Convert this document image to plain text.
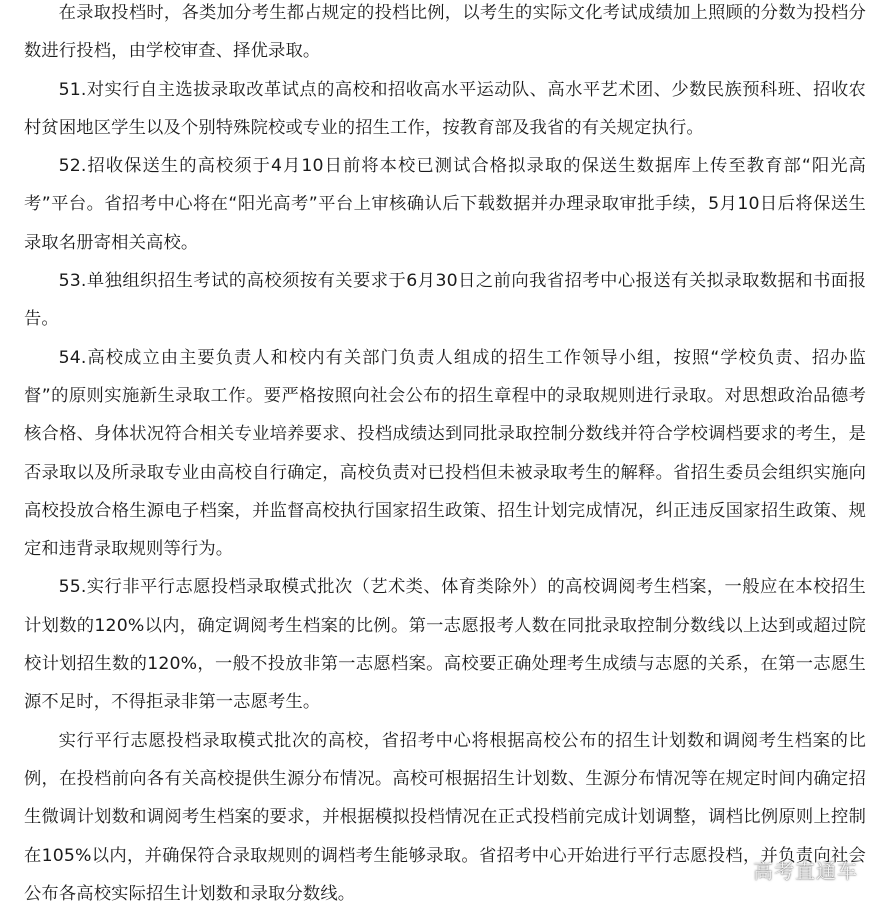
在录取投档时，各类加分考生都占规定的投档比例，以考生的实际文化考试成绩加上照顾的分数为投档分数进行投档，由学校审查、择优录取。

51.对实行自主选拔录取改革试点的高校和招收高水平运动队、高水平艺术团、少数民族预科班、招收农村贫困地区学生以及个别特殊院校或专业的招生工作，按教育部及我省的有关规定执行。

52.招收保送生的高校须于4月10日前将本校已测试合格拟录取的保送生数据库上传至教育部“阳光高考”平台。省招考中心将在“阳光高考”平台上审核确认后下载数据并办理录取审批手续，5月10日后将保送生录取名册寄相关高校。

53.单独组织招生考试的高校须按有关要求于6月30日之前向我省招考中心报送有关拟录取数据和书面报告。

54.高校成立由主要负责人和校内有关部门负责人组成的招生工作领导小组，按照“学校负责、招办监督”的原则实施新生录取工作。要严格按照向社会公布的招生章程中的录取规则进行录取。对思想政治品德考核合格、身体状况符合相关专业培养要求、投档成绩达到同批录取控制分数线并符合学校调档要求的考生，是否录取以及所录取专业由高校自行确定，高校负责对已投档但未被录取考生的解释。省招生委员会组织实施向高校投放合格生源电子档案，并监督高校执行国家招生政策、招生计划完成情况，纠正违反国家招生政策、规定和违背录取规则等行为。

55.实行非平行志愿投档录取模式批次（艺术类、体育类除外）的高校调阅考生档案，一般应在本校招生计划数的120%以内，确定调阅考生档案的比例。第一志愿报考人数在同批录取控制分数线以上达到或超过院校计划招生数的120%，一般不投放非第一志愿档案。高校要正确处理考生成绩与志愿的关系，在第一志愿生源不足时，不得拒录非第一志愿考生。

实行平行志愿投档录取模式批次的高校，省招考中心将根据高校公布的招生计划数和调阅考生档案的比例，在投档前向各有关高校提供生源分布情况。高校可根据招生计划数、生源分布情况等在规定时间内确定招生微调计划数和调阅考生档案的要求，并根据模拟投档情况在正式投档前完成计划调整，调档比例原则上控制在105%以内，并确保符合录取规则的调档考生能够录取。省招考中心开始进行平行志愿投档，并负责向社会公布各高校实际招生计划数和录取分数线。

高考直通车
